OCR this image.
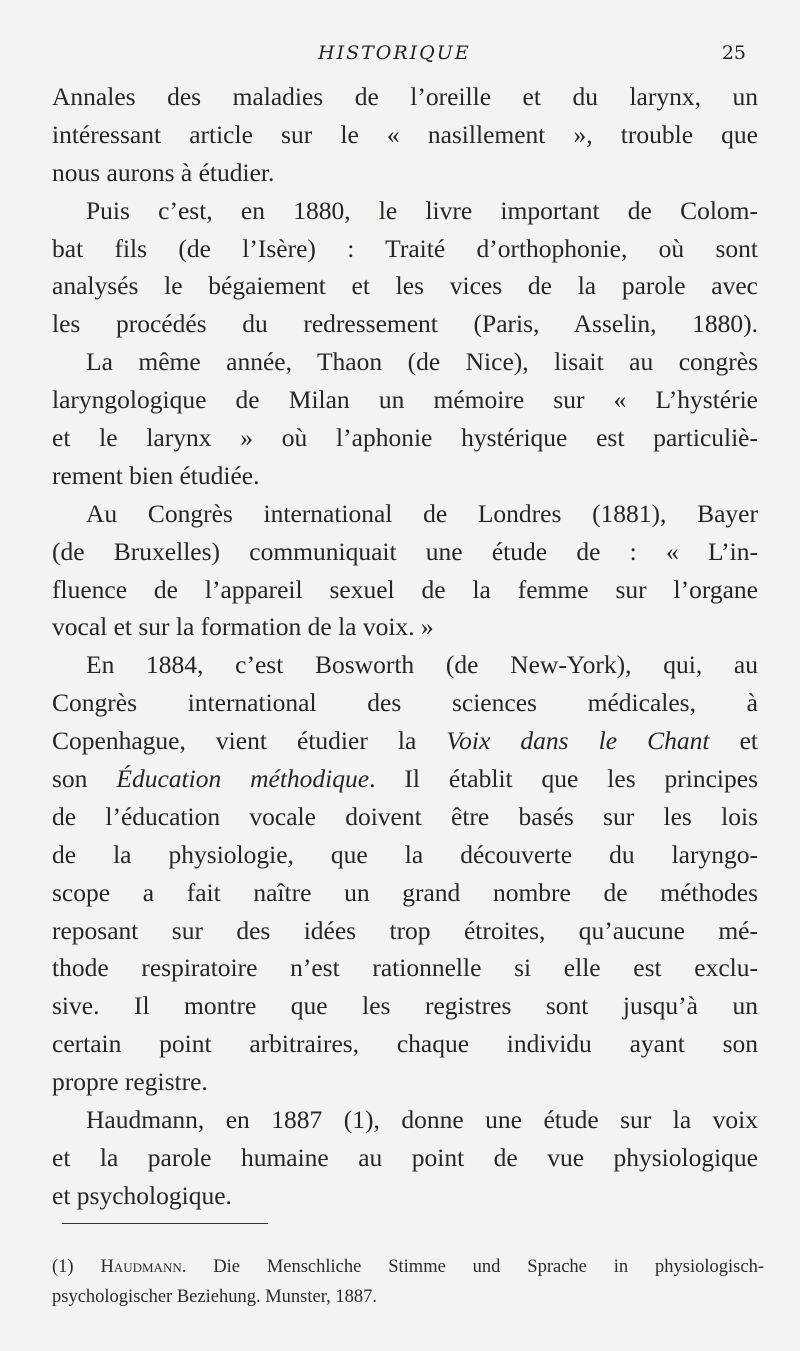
HISTORIQUE	25
Annales des maladies de l’oreille et du larynx, un
intéressant article sur le « nasillement », trouble que
nous aurons à étudier.
Puis c’est, en 1880, le livre important de Colom-
bat fils (de l’Isère) : Traité d’orthophonie, où sont
analysés le bégaiement et les vices de la parole avec
les procédés du redressement (Paris, Asselin, 1880).
La même année, Thaon (de Nice), lisait au congrès
laryngologique de Milan un mémoire sur « L’hystérie
et le larynx » où l’aphonie hystérique est particuliè-
rement bien étudiée.
Au Congrès international de Londres (1881), Bayer
(de Bruxelles) communiquait une étude de : « L’in-
fluence de l’appareil sexuel de la femme sur l’organe
vocal et sur la formation de la voix. »
En 1884, c’est Bosworth (de New-York), qui, au
Congrès international des sciences médicales, à
Copenhague, vient étudier la Voix dans le Chant et
son Éducation méthodique. Il établit que les principes
de l’éducation vocale doivent être basés sur les lois
de la physiologie, que la découverte du laryngo-
scope a fait naître un grand nombre de méthodes
reposant sur des idées trop étroites, qu’aucune mé-
thode respiratoire n’est rationnelle si elle est exclu-
sive. Il montre que les registres sont jusqu’à un
certain point arbitraires, chaque individu ayant son
propre registre.
Haudmann, en 1887 (1), donne une étude sur la voix
et la parole humaine au point de vue physiologique
et psychologique.
(1) Haudmann. Die Menschliche Stimme und Sprache in physiologisch-
psychologischer Beziehung. Munster, 1887.
